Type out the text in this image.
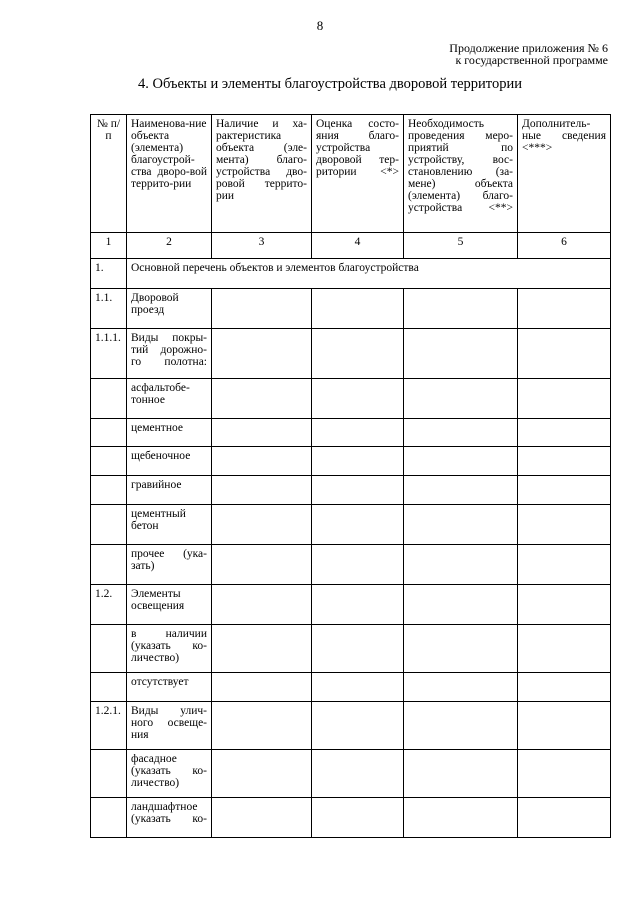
8
Продолжение приложения № 6
к государственной программе
4. Объекты и элементы благоустройства дворовой территории
№ п/п	Наименова-ние объекта (элемента) благоустрой-ства дворо-вой террито-рии	Наличие и ха-рактеристика объекта (эле-мента) благо-устройства дво-ровой террито-рии	Оценка состо-яния благо-устройства дворовой тер-ритории <*>	Необходимость проведения меро-приятий по устройству, вос-становлению (за-мене) объекта (элемента) благо-устройства <**>	Дополнитель-ные сведения <***>
1	2	3	4	5	6
1.	Основной перечень объектов и элементов благоустройства				
1.1.	Дворовой проезд				
1.1.1.	Виды покры-тий дорожно-го полотна:				
	асфальтобе-тонное				
	цементное				
	щебеночное				
	гравийное				
	цементный бетон				
	прочее (ука-зать)				
1.2.	Элементы освещения				
	в наличии (указать ко-личество)				
	отсутствует				
1.2.1.	Виды улич-ного освеще-ния				
	фасадное (указать ко-личество)				
	ландшафтное (указать ко-				
